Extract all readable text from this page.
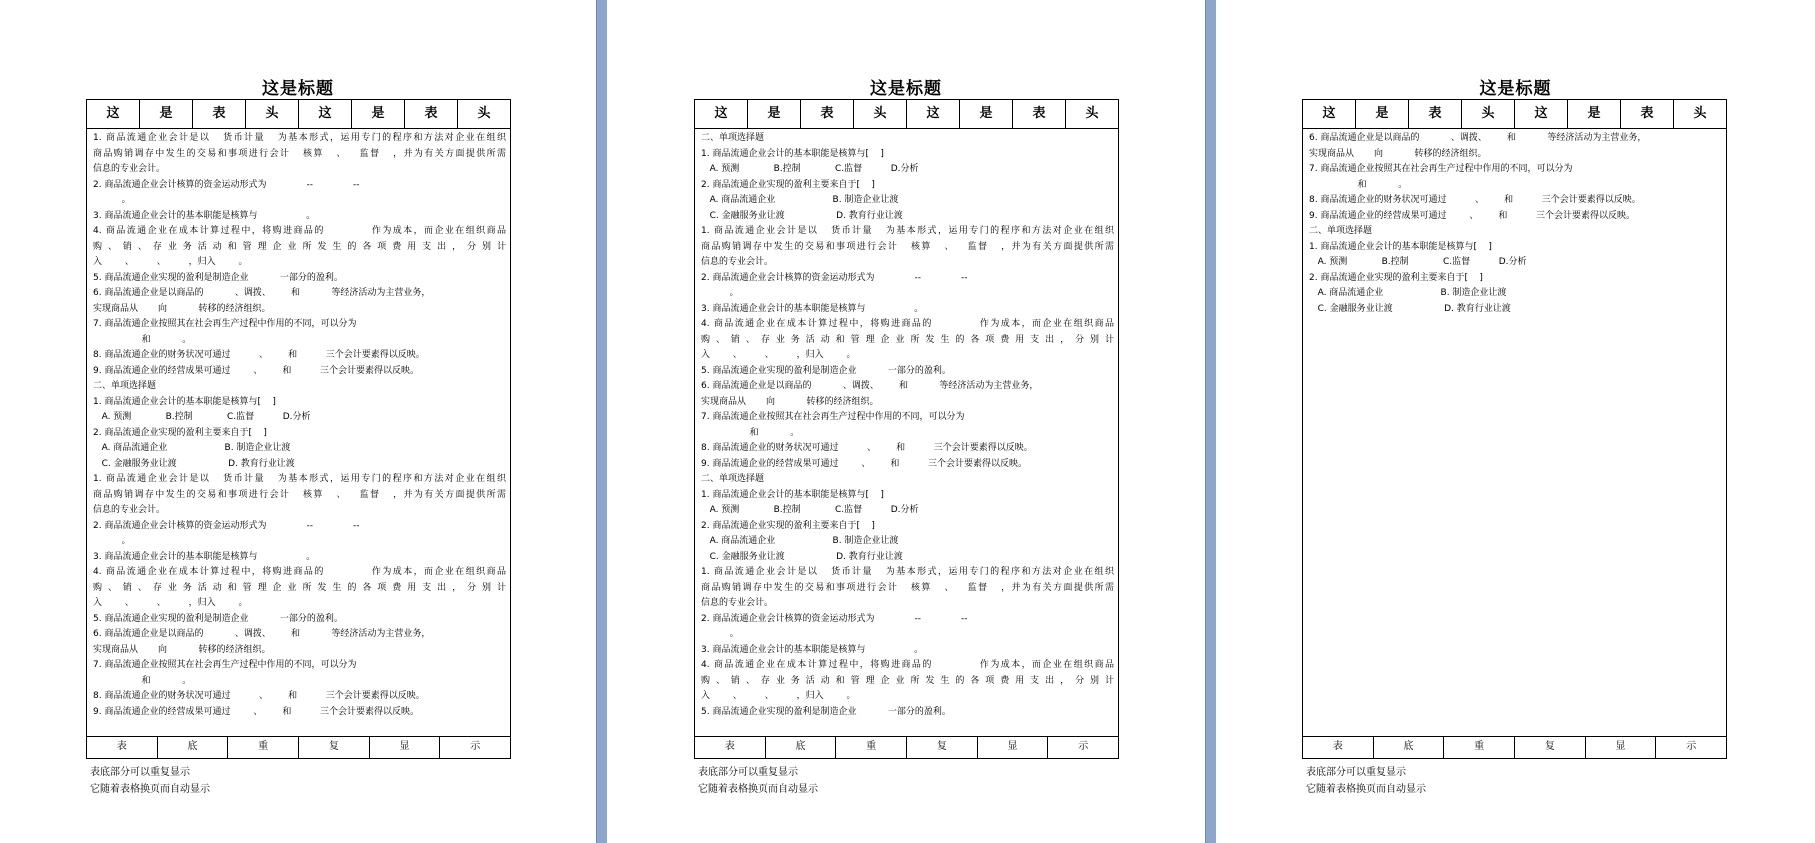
这是标题
这	是	表	头	这	是	表	头
1. 商品流通企业会计是以   货币计量   为基本形式，运用专门的程序和方法对企业在组织
商品购销调存中发生的交易和事项进行会计   核算   、   监督   ，并为有关方面提供所需
信息的专业会计。
2. 商品流通企业会计核算的资金运动形式为              --              --
。
3. 商品流通企业会计的基本职能是核算与                 。
4. 商品流通企业在成本计算过程中，将购进商品的           作为成本，而企业在组织商品
购 、 销 、 存 业 务 活 动 和 管 理 企 业 所 发 生 的 各 项 费 用 支 出 ， 分 别 计
入        、        、        ，归入        。
5. 商品流通企业实现的盈利是制造企业           一部分的盈利。
6. 商品流通企业是以商品的           、调拨、       和           等经济活动为主营业务，
实现商品从       向           转移的经济组织。
7. 商品流通企业按照其在社会再生产过程中作用的不同，可以分为
和           。
8. 商品流通企业的财务状况可通过          、       和          三个会计要素得以反映。
9. 商品流通企业的经营成果可通过        、       和          三个会计要素得以反映。
二、单项选择题
1. 商品流通企业会计的基本职能是核算与[    ]
A. 预测            B.控制            C.监督          D.分析
2. 商品流通企业实现的盈利主要来自于[    ]
A. 商品流通企业                    B. 制造企业让渡
C. 金融服务业让渡                  D. 教育行业让渡
1. 商品流通企业会计是以   货币计量   为基本形式，运用专门的程序和方法对企业在组织
商品购销调存中发生的交易和事项进行会计   核算   、   监督   ，并为有关方面提供所需
信息的专业会计。
2. 商品流通企业会计核算的资金运动形式为              --              --
。
3. 商品流通企业会计的基本职能是核算与                 。
4. 商品流通企业在成本计算过程中，将购进商品的           作为成本，而企业在组织商品
购 、 销 、 存 业 务 活 动 和 管 理 企 业 所 发 生 的 各 项 费 用 支 出 ， 分 别 计
入        、        、        ，归入        。
5. 商品流通企业实现的盈利是制造企业           一部分的盈利。
6. 商品流通企业是以商品的           、调拨、       和           等经济活动为主营业务，
实现商品从       向           转移的经济组织。
7. 商品流通企业按照其在社会再生产过程中作用的不同，可以分为
和           。
8. 商品流通企业的财务状况可通过          、       和          三个会计要素得以反映。
9. 商品流通企业的经营成果可通过        、       和          三个会计要素得以反映。
表	底	重	复	显	示
表底部分可以重复显示
它随着表格换页而自动显示
这是标题
这	是	表	头	这	是	表	头
二、单项选择题
1. 商品流通企业会计的基本职能是核算与[    ]
A. 预测            B.控制            C.监督          D.分析
2. 商品流通企业实现的盈利主要来自于[    ]
A. 商品流通企业                    B. 制造企业让渡
C. 金融服务业让渡                  D. 教育行业让渡
1. 商品流通企业会计是以   货币计量   为基本形式，运用专门的程序和方法对企业在组织
商品购销调存中发生的交易和事项进行会计   核算   、   监督   ，并为有关方面提供所需
信息的专业会计。
2. 商品流通企业会计核算的资金运动形式为              --              --
。
3. 商品流通企业会计的基本职能是核算与                 。
4. 商品流通企业在成本计算过程中，将购进商品的           作为成本，而企业在组织商品
购 、 销 、 存 业 务 活 动 和 管 理 企 业 所 发 生 的 各 项 费 用 支 出 ， 分 别 计
入        、        、        ，归入        。
5. 商品流通企业实现的盈利是制造企业           一部分的盈利。
6. 商品流通企业是以商品的           、调拨、       和           等经济活动为主营业务，
实现商品从       向           转移的经济组织。
7. 商品流通企业按照其在社会再生产过程中作用的不同，可以分为
和           。
8. 商品流通企业的财务状况可通过          、       和          三个会计要素得以反映。
9. 商品流通企业的经营成果可通过        、       和          三个会计要素得以反映。
二、单项选择题
1. 商品流通企业会计的基本职能是核算与[    ]
A. 预测            B.控制            C.监督          D.分析
2. 商品流通企业实现的盈利主要来自于[    ]
A. 商品流通企业                    B. 制造企业让渡
C. 金融服务业让渡                  D. 教育行业让渡
1. 商品流通企业会计是以   货币计量   为基本形式，运用专门的程序和方法对企业在组织
商品购销调存中发生的交易和事项进行会计   核算   、   监督   ，并为有关方面提供所需
信息的专业会计。
2. 商品流通企业会计核算的资金运动形式为              --              --
。
3. 商品流通企业会计的基本职能是核算与                 。
4. 商品流通企业在成本计算过程中，将购进商品的           作为成本，而企业在组织商品
购 、 销 、 存 业 务 活 动 和 管 理 企 业 所 发 生 的 各 项 费 用 支 出 ， 分 别 计
入        、        、        ，归入        。
5. 商品流通企业实现的盈利是制造企业           一部分的盈利。
表	底	重	复	显	示
表底部分可以重复显示
它随着表格换页而自动显示
这是标题
这	是	表	头	这	是	表	头
6. 商品流通企业是以商品的           、调拨、       和           等经济活动为主营业务，
实现商品从       向           转移的经济组织。
7. 商品流通企业按照其在社会再生产过程中作用的不同，可以分为
和           。
8. 商品流通企业的财务状况可通过          、       和          三个会计要素得以反映。
9. 商品流通企业的经营成果可通过        、       和          三个会计要素得以反映。
二、单项选择题
1. 商品流通企业会计的基本职能是核算与[    ]
A. 预测            B.控制            C.监督          D.分析
2. 商品流通企业实现的盈利主要来自于[    ]
A. 商品流通企业                    B. 制造企业让渡
C. 金融服务业让渡                  D. 教育行业让渡
表	底	重	复	显	示
表底部分可以重复显示
它随着表格换页而自动显示
